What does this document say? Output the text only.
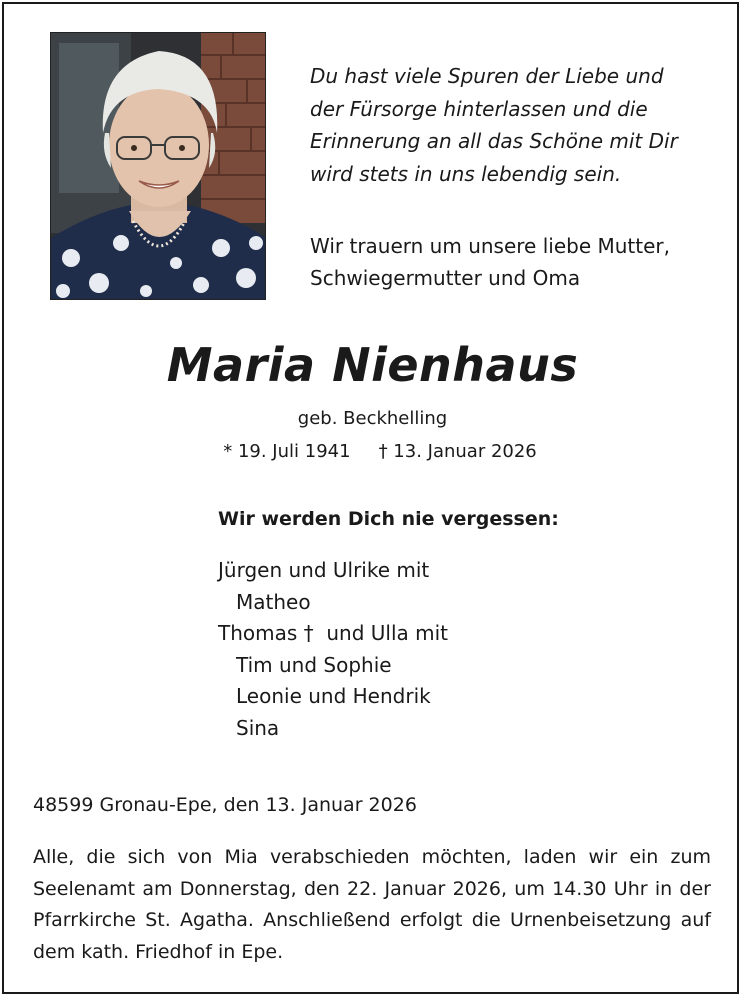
Du hast viele Spuren der Liebe und

der Fürsorge hinterlassen und die

Erinnerung an all das Schöne mit Dir

wird stets in uns lebendig sein.

Wir trauern um unsere liebe Mutter,

Schwiegermutter und Oma

Maria Nienhaus
geb. Beckhelling
* 19. Juli 1941 † 13. Januar 2026
Wir werden Dich nie vergessen:
Jürgen und Ulrike mit
Matheo
Thomas †  und Ulla mit
Tim und Sophie
Leonie und Hendrik
Sina
48599 Gronau-Epe, den 13. Januar 2026

Alle, die sich von Mia verabschieden möchten, laden wir ein zum Seelenamt am Donnerstag, den 22. Januar 2026, um 14.30 Uhr in der Pfarrkirche St. Agatha. Anschließend erfolgt die Urnenbeisetzung auf dem kath. Friedhof in Epe.
